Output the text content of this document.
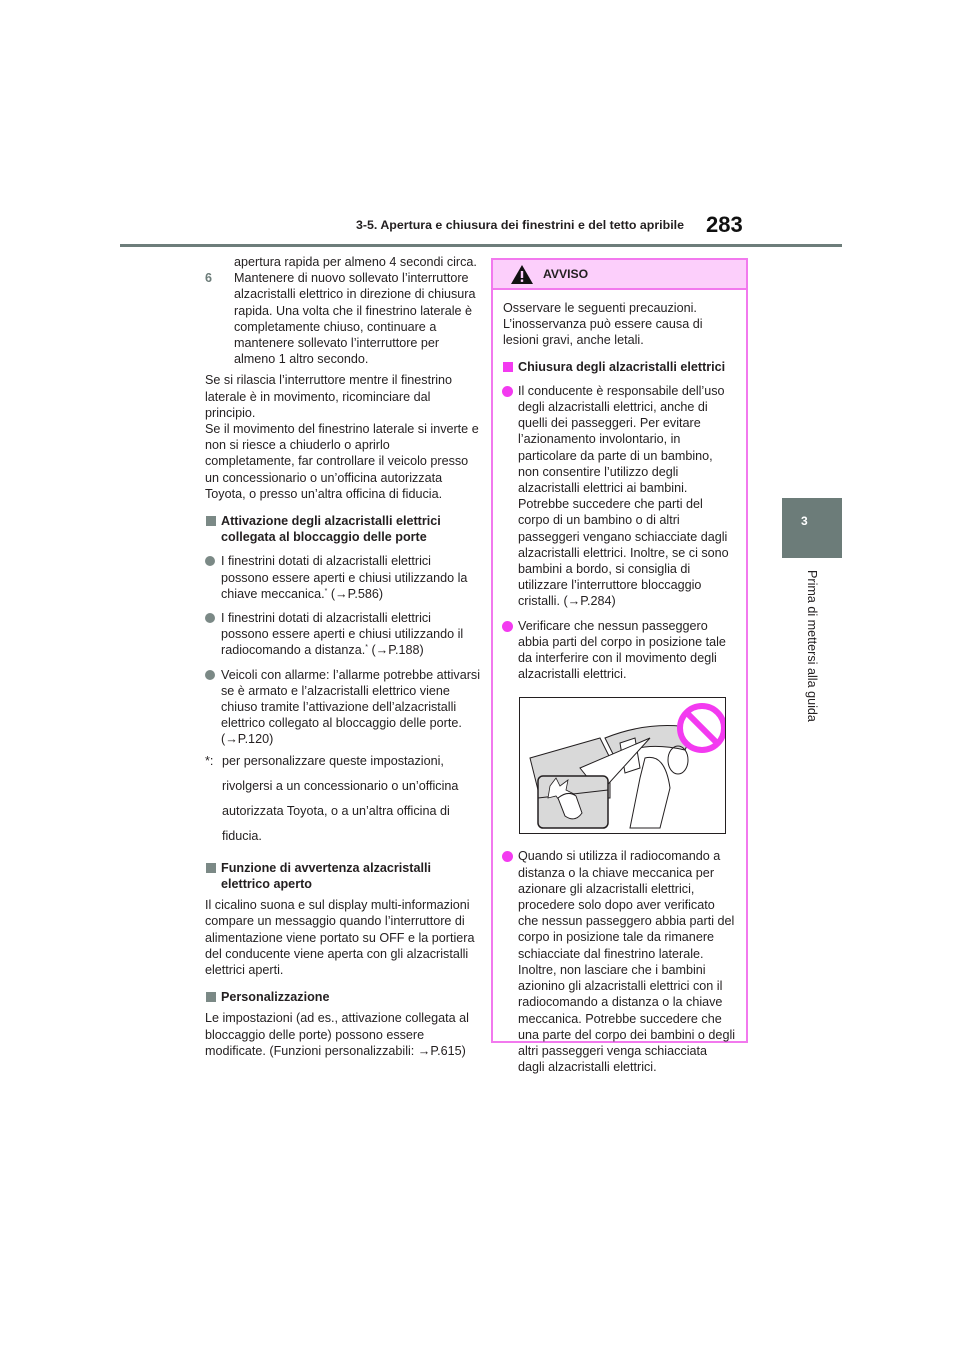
3-5. Apertura e chiusura dei finestrini e del tetto apribile 283
3
Prima di mettersi alla guida

apertura rapida per almeno 4 secondi circa.

6 Mantenere di nuovo sollevato l’interruttore alzacristalli elettrico in direzione di chiusura rapida. Una volta che il finestrino laterale è completamente chiuso, continuare a mantenere sollevato l’interruttore per almeno 1 altro secondo.

Se si rilascia l’interruttore mentre il finestrino laterale è in movimento, ricominciare dal principio.

Se il movimento del finestrino laterale si inverte e non si riesce a chiuderlo o aprirlo completamente, far controllare il veicolo presso un concessionario o un’officina autorizzata Toyota, o presso un’altra officina di fiducia.

Attivazione degli alzacristalli elettrici collegata al bloccaggio delle porte

I finestrini dotati di alzacristalli elettrici possono essere aperti e chiusi utilizzando la chiave meccanica.* (→P.586)

I finestrini dotati di alzacristalli elettrici possono essere aperti e chiusi utilizzando il radiocomando a distanza.* (→P.188)

Veicoli con allarme: l’allarme potrebbe attivarsi se è armato e l’alzacristalli elettrico viene chiuso tramite l’attivazione dell’alzacristalli elettrico collegato al bloccaggio delle porte. (→P.120)

*: per personalizzare queste impostazioni, rivolgersi a un concessionario o un’officina autorizzata Toyota, o a un’altra officina di fiducia.

Funzione di avvertenza alzacristalli elettrico aperto

Il cicalino suona e sul display multi-informazioni compare un messaggio quando l’interruttore di alimentazione viene portato su OFF e la portiera del conducente viene aperta con gli alzacristalli elettrici aperti.

Personalizzazione

Le impostazioni (ad es., attivazione collegata al bloccaggio delle porte) possono essere modificate. (Funzioni personalizzabili: →P.615)

AVVISO

Osservare le seguenti precauzioni. L’inosservanza può essere causa di lesioni gravi, anche letali.

Chiusura degli alzacristalli elettrici

Il conducente è responsabile dell’uso degli alzacristalli elettrici, anche di quelli dei passeggeri. Per evitare l’azionamento involontario, in particolare da parte di un bambino, non consentire l’utilizzo degli alzacristalli elettrici ai bambini. Potrebbe succedere che parti del corpo di un bambino o di altri passeggeri vengano schiacciate dagli alzacristalli elettrici. Inoltre, se ci sono bambini a bordo, si consiglia di utilizzare l’interruttore bloccaggio cristalli. (→P.284)

Verificare che nessun passeggero abbia parti del corpo in posizione tale da interferire con il movimento degli alzacristalli elettrici.

Quando si utilizza il radiocomando a distanza o la chiave meccanica per azionare gli alzacristalli elettrici, procedere solo dopo aver verificato che nessun passeggero abbia parti del corpo in posizione tale da rimanere schiacciate dal finestrino laterale. Inoltre, non lasciare che i bambini azionino gli alzacristalli elettrici con il radiocomando a distanza o la chiave meccanica. Potrebbe succedere che una parte del corpo dei bambini o degli altri passeggeri venga schiacciata dagli alzacristalli elettrici.
